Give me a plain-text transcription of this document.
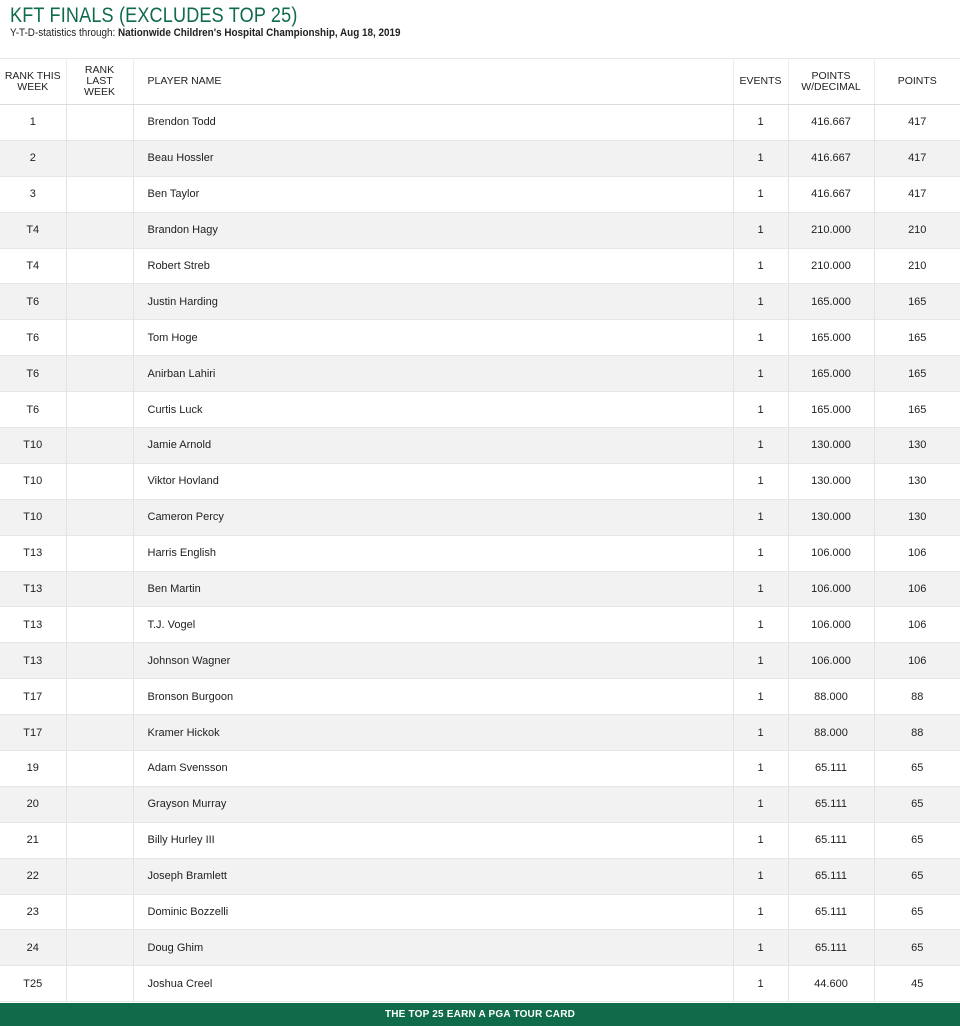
KFT FINALS (EXCLUDES TOP 25)
Y-T-D-statistics through: Nationwide Children's Hospital Championship, Aug 18, 2019
RANK THIS WEEK	RANK LAST WEEK	PLAYER NAME	EVENTS	POINTS W/DECIMAL	POINTS
1		Brendon Todd	1	416.667	417
2		Beau Hossler	1	416.667	417
3		Ben Taylor	1	416.667	417
T4		Brandon Hagy	1	210.000	210
T4		Robert Streb	1	210.000	210
T6		Justin Harding	1	165.000	165
T6		Tom Hoge	1	165.000	165
T6		Anirban Lahiri	1	165.000	165
T6		Curtis Luck	1	165.000	165
T10		Jamie Arnold	1	130.000	130
T10		Viktor Hovland	1	130.000	130
T10		Cameron Percy	1	130.000	130
T13		Harris English	1	106.000	106
T13		Ben Martin	1	106.000	106
T13		T.J. Vogel	1	106.000	106
T13		Johnson Wagner	1	106.000	106
T17		Bronson Burgoon	1	88.000	88
T17		Kramer Hickok	1	88.000	88
19		Adam Svensson	1	65.111	65
20		Grayson Murray	1	65.111	65
21		Billy Hurley III	1	65.111	65
22		Joseph Bramlett	1	65.111	65
23		Dominic Bozzelli	1	65.111	65
24		Doug Ghim	1	65.111	65
T25		Joshua Creel	1	44.600	45
THE TOP 25 EARN A PGA TOUR CARD
